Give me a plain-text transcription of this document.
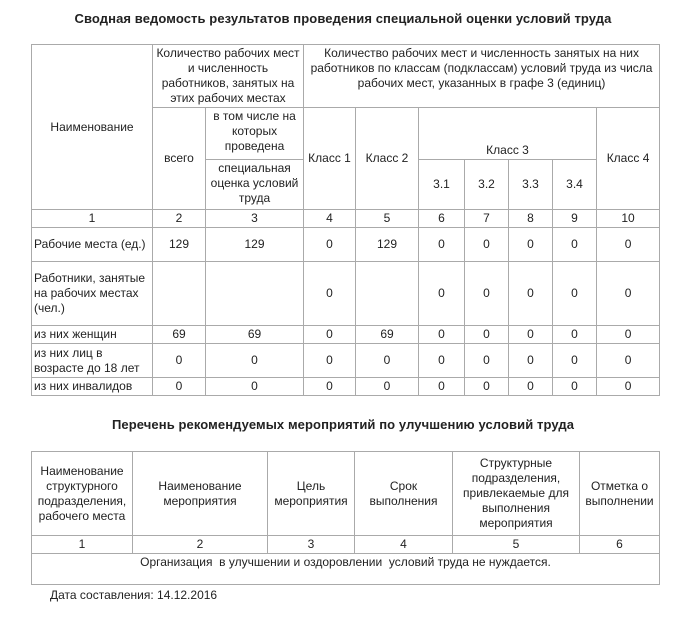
Сводная ведомость результатов проведения специальной оценки условий труда
Наименование	Количество рабочих мест и численность работников, занятых на этих рабочих местах		Количество рабочих мест и численность занятых на них работников по классам (подклассам) условий труда из числа рабочих мест, указанных в графе 3 (единиц)						
	всего	в том числе на которых проведена	Класс 1	Класс 2	Класс 3				Класс 4
		специальная оценка условий труда			3.1	3.2	3.3	3.4	
1	2	3	4	5	6	7	8	9	10
Рабочие места (ед.)	129	129	0	129	0	0	0	0	0
Работники, занятые на рабочих местах (чел.)			0		0	0	0	0	0
из них женщин	69	69	0	69	0	0	0	0	0
из них лиц в возрасте до 18 лет	0	0	0	0	0	0	0	0	0
из них инвалидов	0	0	0	0	0	0	0	0	0
Перечень рекомендуемых мероприятий по улучшению условий труда
Наименование структурного подразделения, рабочего места	Наименование мероприятия	Цель мероприятия	Срок выполнения	Структурные подразделения, привлекаемые для выполнения мероприятия	Отметка о выполнении
1	2	3	4	5	6
Организация  в улучшении и оздоровлении  условий труда не нуждается.					
Дата составления: 14.12.2016
